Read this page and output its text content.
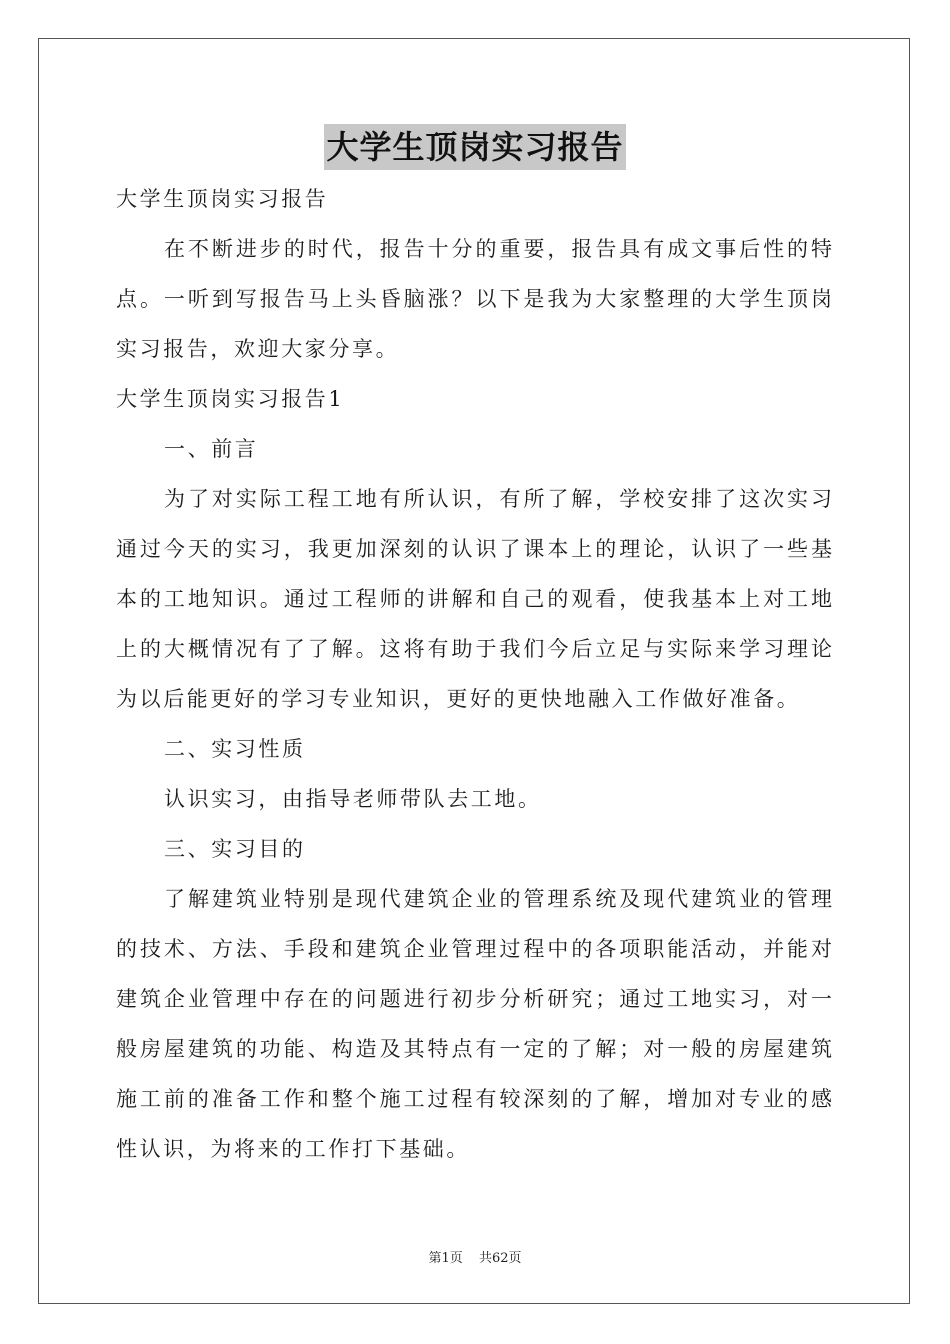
大学生顶岗实习报告
大学生顶岗实习报告
在不断进步的时代，报告十分的重要，报告具有成文事后性的特
点。一听到写报告马上头昏脑涨？以下是我为大家整理的大学生顶岗
实习报告，欢迎大家分享。
大学生顶岗实习报告1
一、前言
为了对实际工程工地有所认识，有所了解，学校安排了这次实习
通过今天的实习，我更加深刻的认识了课本上的理论，认识了一些基
本的工地知识。通过工程师的讲解和自己的观看，使我基本上对工地
上的大概情况有了了解。这将有助于我们今后立足与实际来学习理论
为以后能更好的学习专业知识，更好的更快地融入工作做好准备。
二、实习性质
认识实习，由指导老师带队去工地。
三、实习目的
了解建筑业特别是现代建筑企业的管理系统及现代建筑业的管理
的技术、方法、手段和建筑企业管理过程中的各项职能活动，并能对
建筑企业管理中存在的问题进行初步分析研究；通过工地实习，对一
般房屋建筑的功能、构造及其特点有一定的了解；对一般的房屋建筑
施工前的准备工作和整个施工过程有较深刻的了解，增加对专业的感
性认识，为将来的工作打下基础。
第1页 共62页
